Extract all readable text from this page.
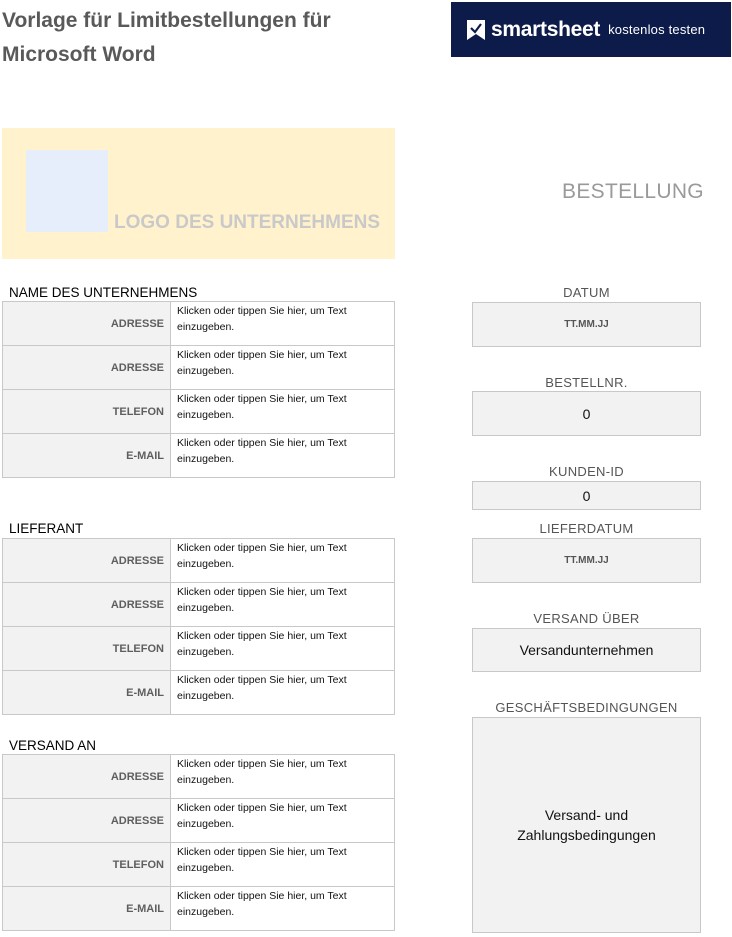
Vorlage für Limitbestellungen für
Microsoft Word
smartsheet kostenlos testen
LOGO DES UNTERNEHMENS
BESTELLUNG
NAME DES UNTERNEHMENS
ADRESSE	Klicken oder tippen Sie hier, um Text einzugeben.

ADRESSE	Klicken oder tippen Sie hier, um Text einzugeben.

TELEFON	Klicken oder tippen Sie hier, um Text einzugeben.

E-MAIL	Klicken oder tippen Sie hier, um Text einzugeben.
LIEFERANT
ADRESSE	Klicken oder tippen Sie hier, um Text einzugeben.

ADRESSE	Klicken oder tippen Sie hier, um Text einzugeben.

TELEFON	Klicken oder tippen Sie hier, um Text einzugeben.

E-MAIL	Klicken oder tippen Sie hier, um Text einzugeben.
VERSAND AN
ADRESSE	Klicken oder tippen Sie hier, um Text einzugeben.

ADRESSE	Klicken oder tippen Sie hier, um Text einzugeben.

TELEFON	Klicken oder tippen Sie hier, um Text einzugeben.

E-MAIL	Klicken oder tippen Sie hier, um Text einzugeben.
DATUM
TT.MM.JJ
BESTELLNR.
0
KUNDEN-ID
0
LIEFERDATUM
TT.MM.JJ
VERSAND ÜBER
Versandunternehmen
GESCHÄFTSBEDINGUNGEN
Versand- und Zahlungsbedingungen
